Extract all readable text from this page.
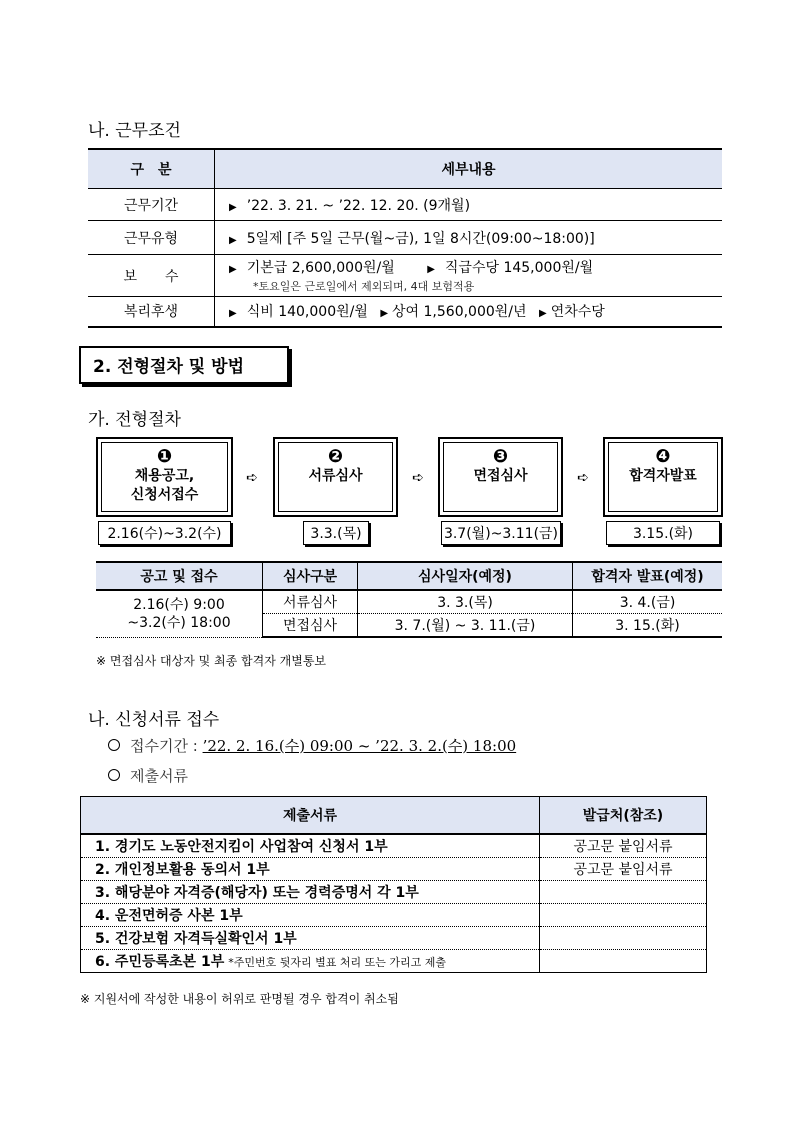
나. 근무조건
구　분	세부내용
근무기간	▶ ’22. 3. 21. ~ ’22. 12. 20. (9개월)
근무유형	▶ 5일제 [주 5일 근무(월~금), 1일 8시간(09:00~18:00)]
보　　수	▶ 기본급 2,600,000원/월 ▶ 직급수당 145,000원/월
*토요일은 근로일에서 제외되며, 4대 보험적용

복리후생	▶ 식비 140,000원/월 ▶ 상여 1,560,000원/년 ▶ 연차수당
2. 전형절차 및 방법
가. 전형절차
❶
채용공고,
신청서접수
2.16(수)~3.2(수)
➪
❷
서류심사
3.3.(목)
➪
❸
면접심사
3.7(월)~3.11(금)
➪
❹
합격자발표
3.15.(화)
공고 및 접수	심사구분	심사일자(예정)	합격자 발표(예정)
2.16(수) 9:00
~3.2(수) 18:00	서류심사	3. 3.(목)	3. 4.(금)
	면접심사	3. 7.(월) ~ 3. 11.(금)	3. 15.(화)
※ 면접심사 대상자 및 최종 합격자 개별통보
나. 신청서류 접수
접수기간 : ’22. 2. 16.(수) 09:00 ~ ’22. 3. 2.(수) 18:00
제출서류
제출서류	발급처(참조)
1. 경기도 노동안전지킴이 사업참여 신청서 1부	공고문 붙임서류
2. 개인정보활용 동의서 1부	공고문 붙임서류
3. 해당분야 자격증(해당자) 또는 경력증명서 각 1부	
4. 운전면허증 사본 1부	
5. 건강보험 자격득실확인서 1부	
6. 주민등록초본 1부 *주민번호 뒷자리 별표 처리 또는 가리고 제출	
※ 지원서에 작성한 내용이 허위로 판명될 경우 합격이 취소됨
